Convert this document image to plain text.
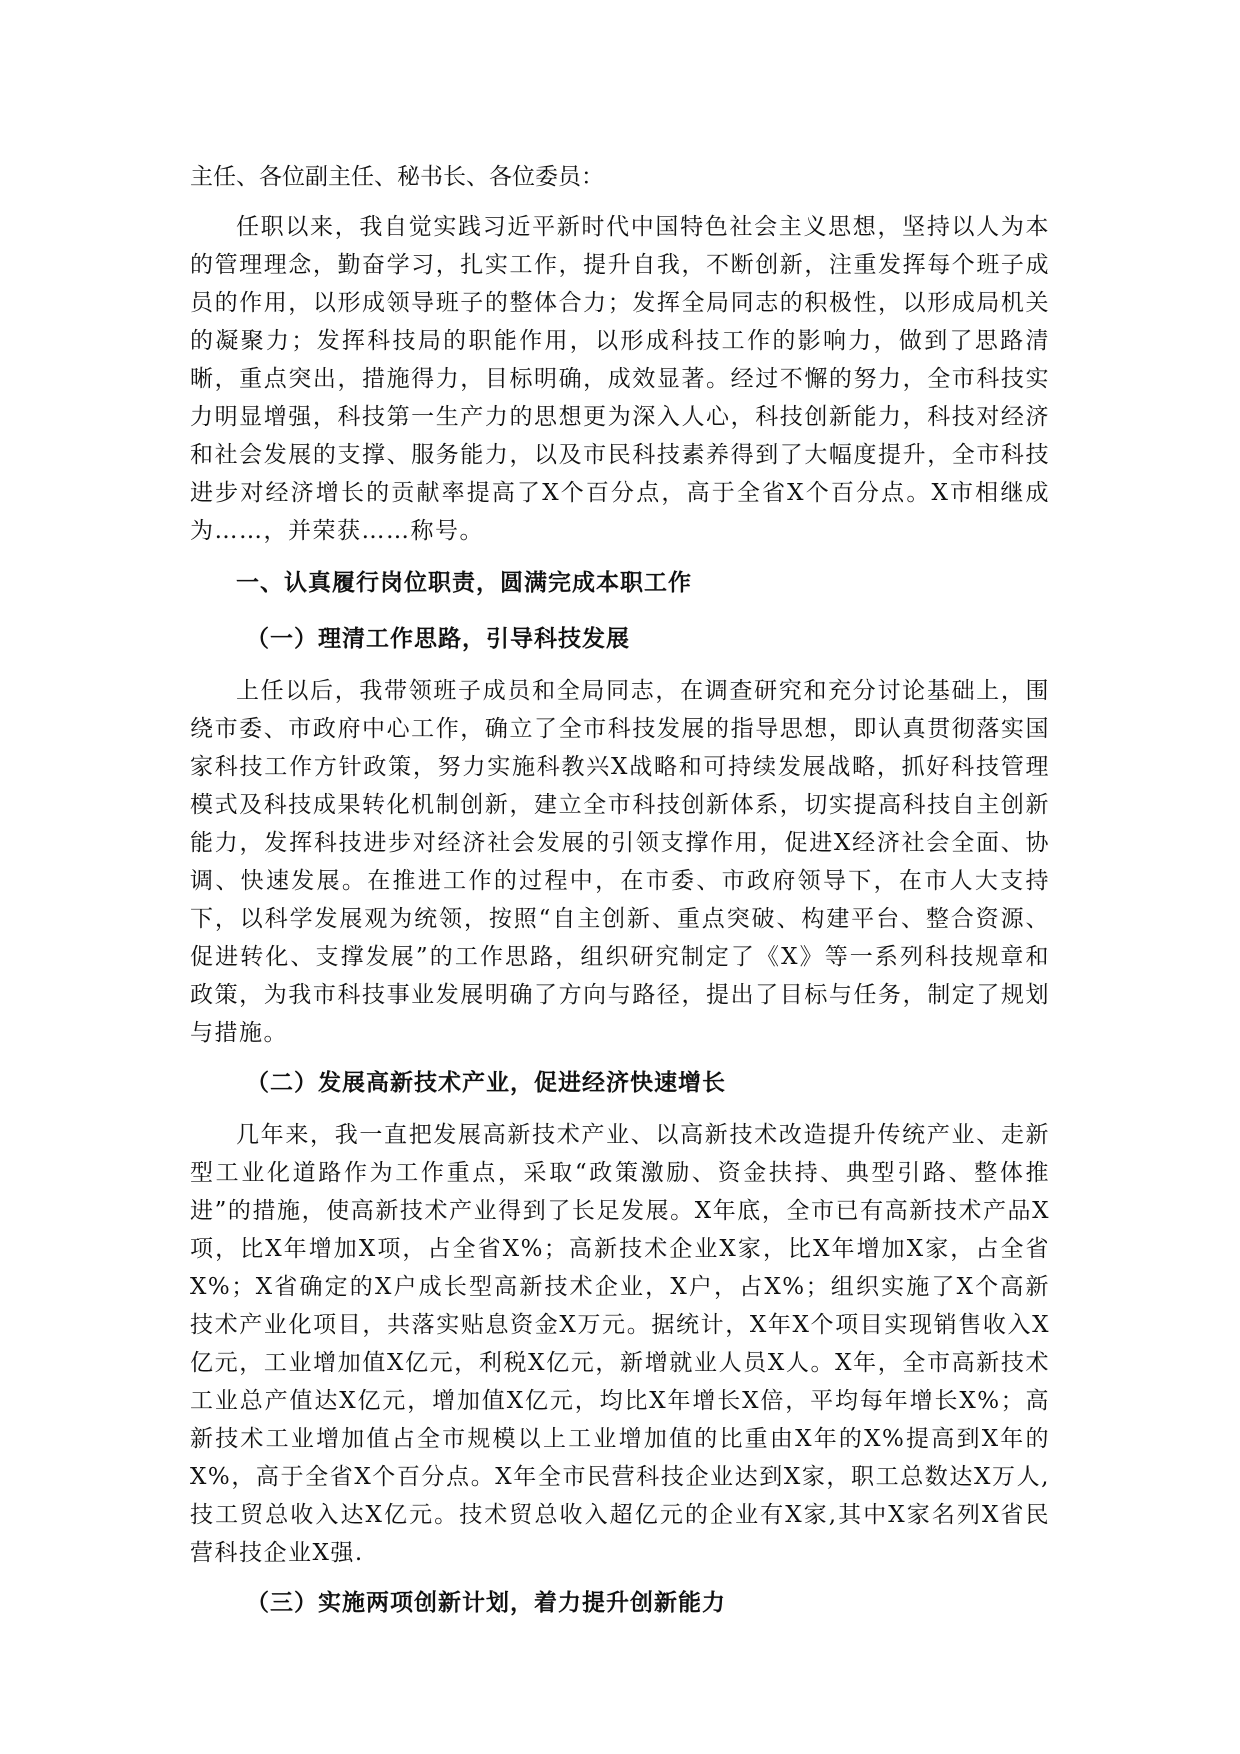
主任、各位副主任、秘书长、各位委员：

任职以来，我自觉实践习近平新时代中国特色社会主义思想，坚持以人为本的管理理念，勤奋学习，扎实工作，提升自我，不断创新，注重发挥每个班子成员的作用，以形成领导班子的整体合力；发挥全局同志的积极性，以形成局机关的凝聚力；发挥科技局的职能作用，以形成科技工作的影响力，做到了思路清晰，重点突出，措施得力，目标明确，成效显著。经过不懈的努力，全市科技实力明显增强，科技第一生产力的思想更为深入人心，科技创新能力，科技对经济和社会发展的支撑、服务能力，以及市民科技素养得到了大幅度提升，全市科技进步对经济增长的贡献率提高了X个百分点，高于全省X个百分点。X市相继成为……，并荣获……称号。

一、认真履行岗位职责，圆满完成本职工作

（一）理清工作思路，引导科技发展

上任以后，我带领班子成员和全局同志，在调查研究和充分讨论基础上，围绕市委、市政府中心工作，确立了全市科技发展的指导思想，即认真贯彻落实国家科技工作方针政策，努力实施科教兴X战略和可持续发展战略，抓好科技管理模式及科技成果转化机制创新，建立全市科技创新体系，切实提高科技自主创新能力，发挥科技进步对经济社会发展的引领支撑作用，促进X经济社会全面、协调、快速发展。在推进工作的过程中，在市委、市政府领导下，在市人大支持下，以科学发展观为统领，按照“自主创新、重点突破、构建平台、整合资源、促进转化、支撑发展”的工作思路，组织研究制定了《X》等一系列科技规章和政策，为我市科技事业发展明确了方向与路径，提出了目标与任务，制定了规划与措施。

（二）发展高新技术产业，促进经济快速增长

几年来，我一直把发展高新技术产业、以高新技术改造提升传统产业、走新型工业化道路作为工作重点，采取“政策激励、资金扶持、典型引路、整体推进”的措施，使高新技术产业得到了长足发展。X年底，全市已有高新技术产品X项，比X年增加X项，占全省X%；高新技术企业X家，比X年增加X家，占全省X%；X省确定的X户成长型高新技术企业，X户，占X%；组织实施了X个高新技术产业化项目，共落实贴息资金X万元。据统计，X年X个项目实现销售收入X亿元，工业增加值X亿元，利税X亿元，新增就业人员X人。X年，全市高新技术工业总产值达X亿元，增加值X亿元，均比X年增长X倍，平均每年增长X%；高新技术工业增加值占全市规模以上工业增加值的比重由X年的X%提高到X年的X%，高于全省X个百分点。X年全市民营科技企业达到X家，职工总数达X万人,技工贸总收入达X亿元。技术贸总收入超亿元的企业有X家,其中X家名列X省民营科技企业X强.

（三）实施两项创新计划，着力提升创新能力
